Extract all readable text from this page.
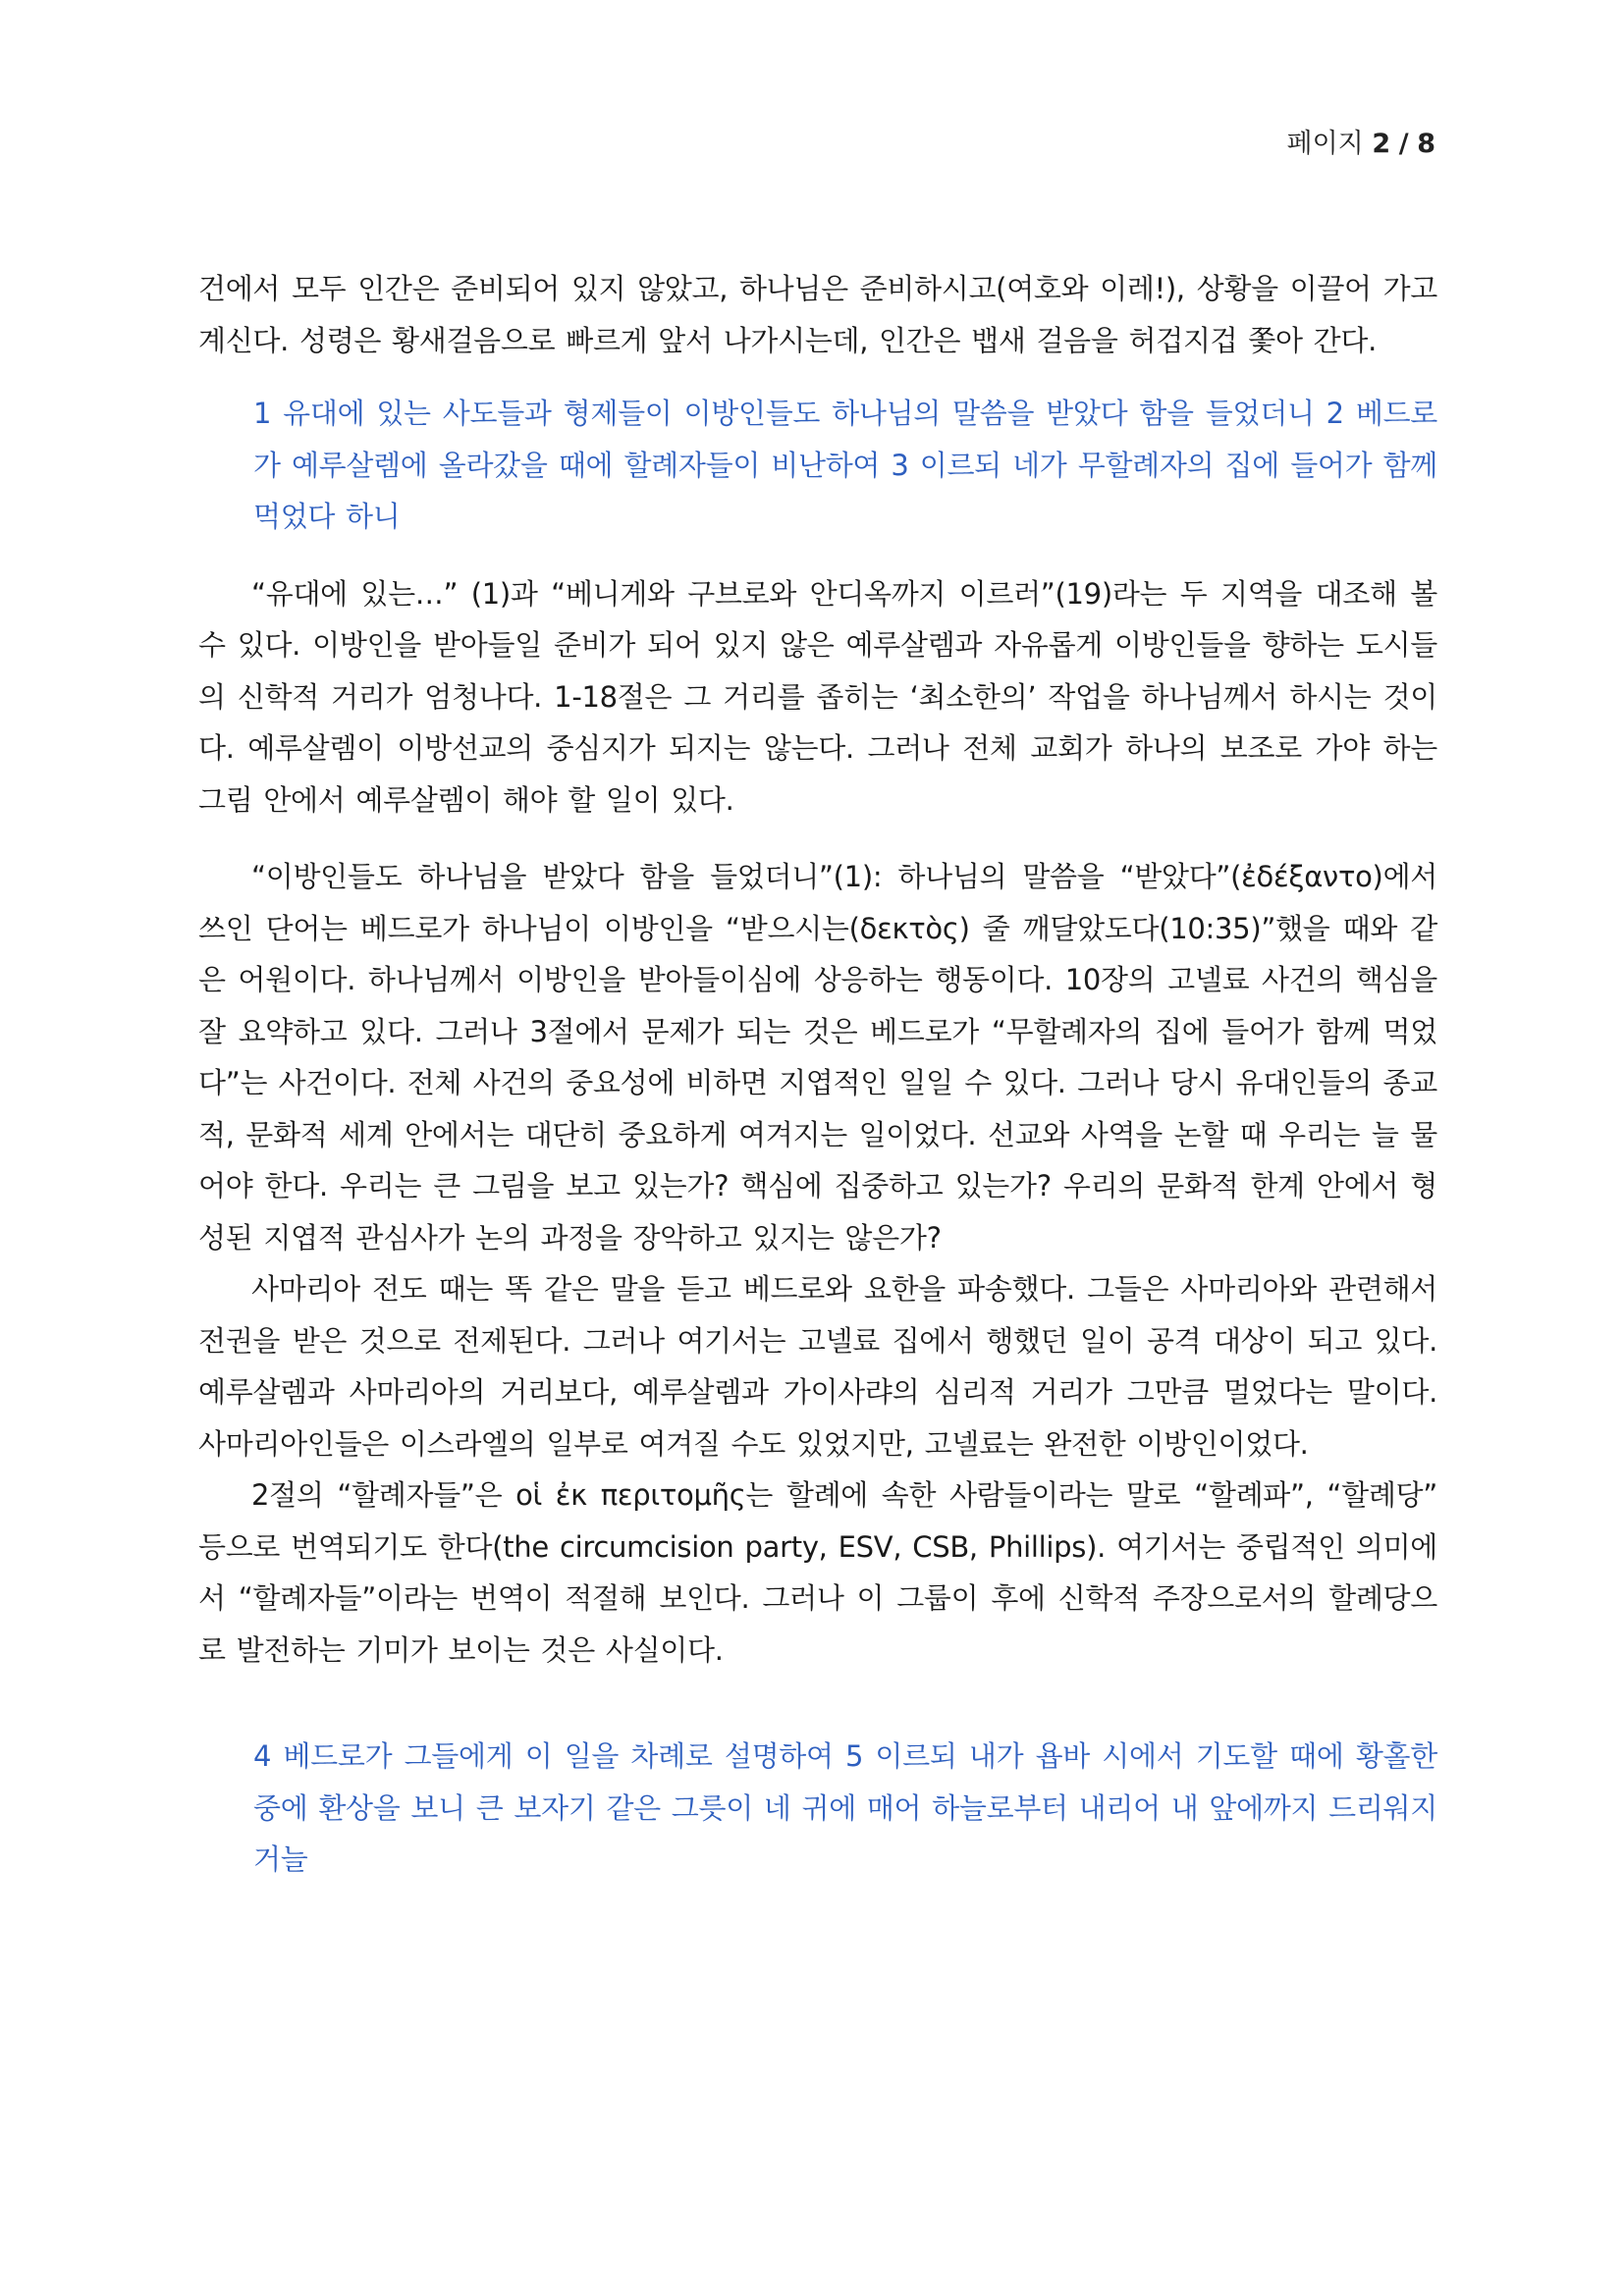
페이지 2 / 8

건에서 모두 인간은 준비되어 있지 않았고, 하나님은 준비하시고(여호와 이레!), 상황을 이끌어 가고 계신다. 성령은 황새걸음으로 빠르게 앞서 나가시는데, 인간은 뱁새 걸음을 허겁지겁 쫓아 간다.

1 유대에 있는 사도들과 형제들이 이방인들도 하나님의 말씀을 받았다 함을 들었더니 2 베드로가 예루살렘에 올라갔을 때에 할례자들이 비난하여 3 이르되 네가 무할례자의 집에 들어가 함께 먹었다 하니

“유대에 있는…” (1)과 “베니게와 구브로와 안디옥까지 이르러”(19)라는 두 지역을 대조해 볼 수 있다. 이방인을 받아들일 준비가 되어 있지 않은 예루살렘과 자유롭게 이방인들을 향하는 도시들의 신학적 거리가 엄청나다. 1-18절은 그 거리를 좁히는 ‘최소한의’ 작업을 하나님께서 하시는 것이다. 예루살렘이 이방선교의 중심지가 되지는 않는다. 그러나 전체 교회가 하나의 보조로 가야 하는 그림 안에서 예루살렘이 해야 할 일이 있다.

“이방인들도 하나님을 받았다 함을 들었더니”(1): 하나님의 말씀을 “받았다”(ἐδέξαντο)에서 쓰인 단어는 베드로가 하나님이 이방인을 “받으시는(δεκτὸς) 줄 깨달았도다(10:35)”했을 때와 같은 어원이다. 하나님께서 이방인을 받아들이심에 상응하는 행동이다. 10장의 고넬료 사건의 핵심을 잘 요약하고 있다. 그러나 3절에서 문제가 되는 것은 베드로가 “무할례자의 집에 들어가 함께 먹었다”는 사건이다. 전체 사건의 중요성에 비하면 지엽적인 일일 수 있다. 그러나 당시 유대인들의 종교적, 문화적 세계 안에서는 대단히 중요하게 여겨지는 일이었다. 선교와 사역을 논할 때 우리는 늘 물어야 한다. 우리는 큰 그림을 보고 있는가? 핵심에 집중하고 있는가? 우리의 문화적 한계 안에서 형성된 지엽적 관심사가 논의 과정을 장악하고 있지는 않은가?

사마리아 전도 때는 똑 같은 말을 듣고 베드로와 요한을 파송했다. 그들은 사마리아와 관련해서 전권을 받은 것으로 전제된다. 그러나 여기서는 고넬료 집에서 행했던 일이 공격 대상이 되고 있다. 예루살렘과 사마리아의 거리보다, 예루살렘과 가이사랴의 심리적 거리가 그만큼 멀었다는 말이다. 사마리아인들은 이스라엘의 일부로 여겨질 수도 있었지만, 고넬료는 완전한 이방인이었다.

2절의 “할례자들”은 οἱ ἐκ περιτομῆς는 할례에 속한 사람들이라는 말로 “할례파”, “할례당” 등으로 번역되기도 한다(the circumcision party, ESV, CSB, Phillips). 여기서는 중립적인 의미에서 “할례자들”이라는 번역이 적절해 보인다. 그러나 이 그룹이 후에 신학적 주장으로서의 할례당으로 발전하는 기미가 보이는 것은 사실이다.

4 베드로가 그들에게 이 일을 차례로 설명하여 5 이르되 내가 욥바 시에서 기도할 때에 황홀한 중에 환상을 보니 큰 보자기 같은 그릇이 네 귀에 매어 하늘로부터 내리어 내 앞에까지 드리워지거늘
